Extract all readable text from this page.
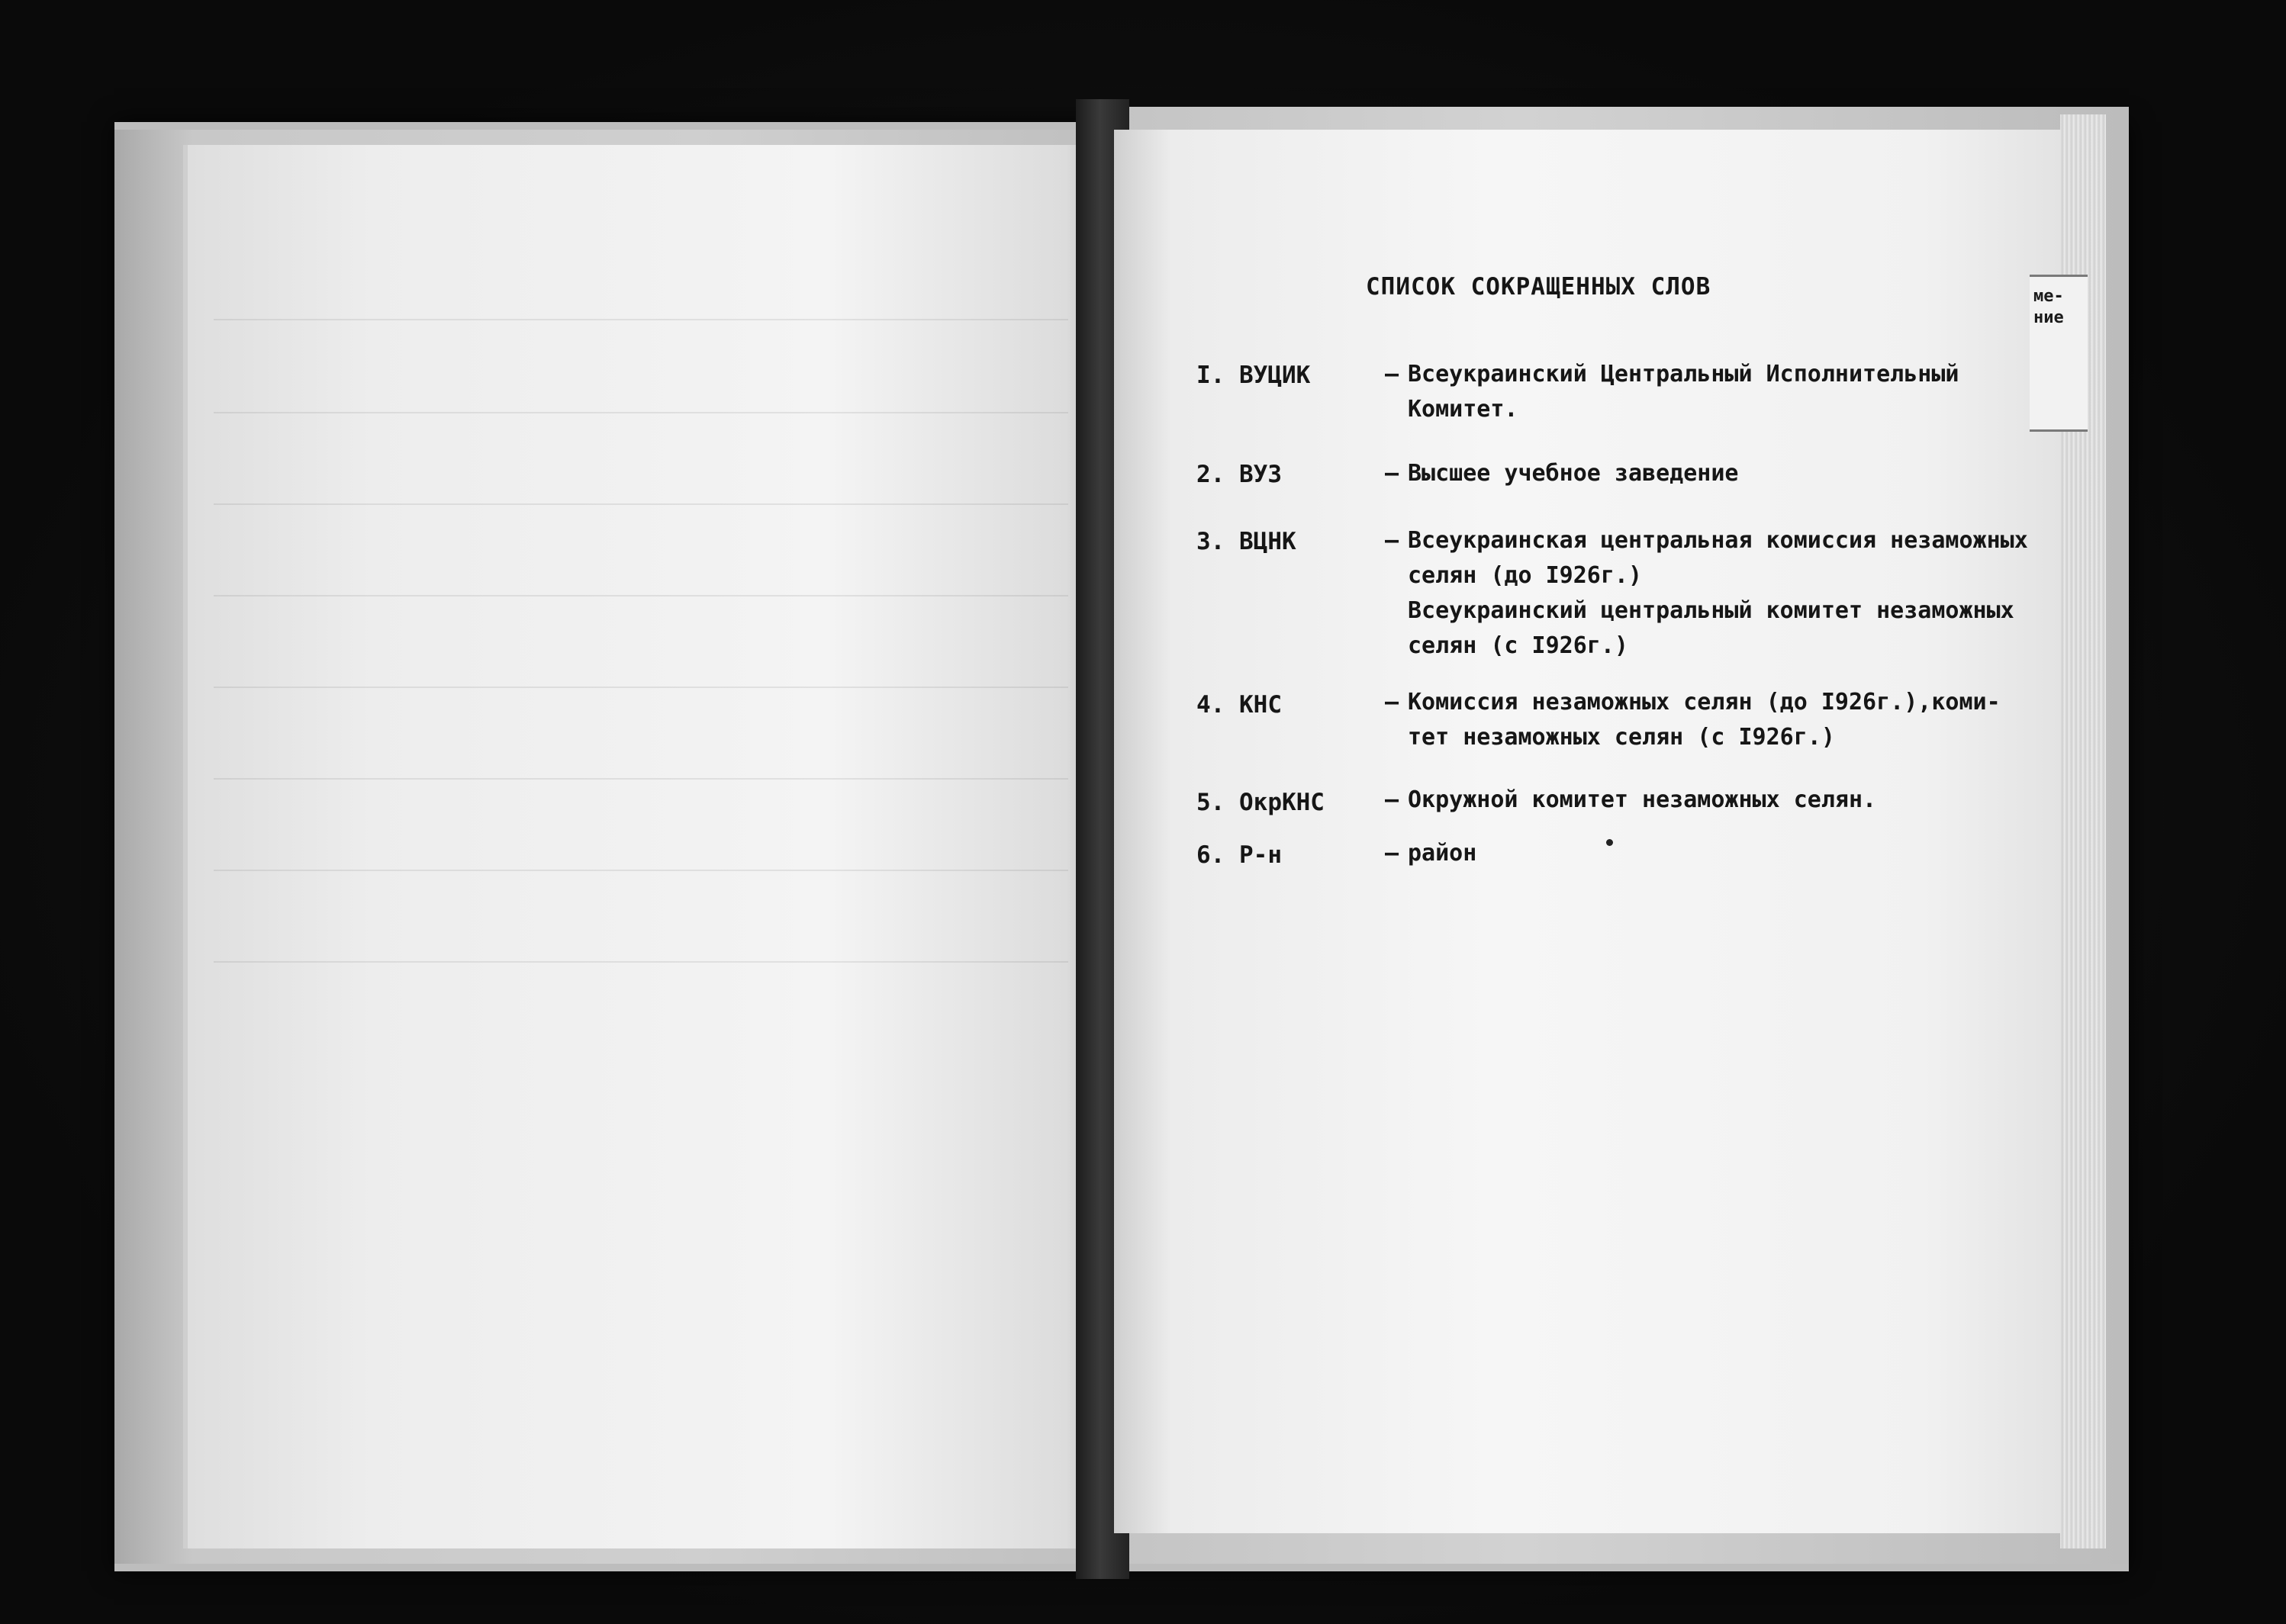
ме-
ние
СПИСОК СОКРАЩЕННЫХ СЛОВ
I. ВУЦИК	– Всеукраинский Центральный Исполнительный
Комитет.
2. ВУЗ	– Высшее учебное заведение
3. ВЦНК	– Всеукраинская центральная комиссия незаможных
селян (до I926г.)
Всеукраинский центральный комитет незаможных
селян (с I926г.)
4. КНС	– Комиссия незаможных селян (до I926г.),коми-
тет незаможных селян (с I926г.)
5. ОкрКНС	– Окружной комитет незаможных селян.
6. Р-н	– район
